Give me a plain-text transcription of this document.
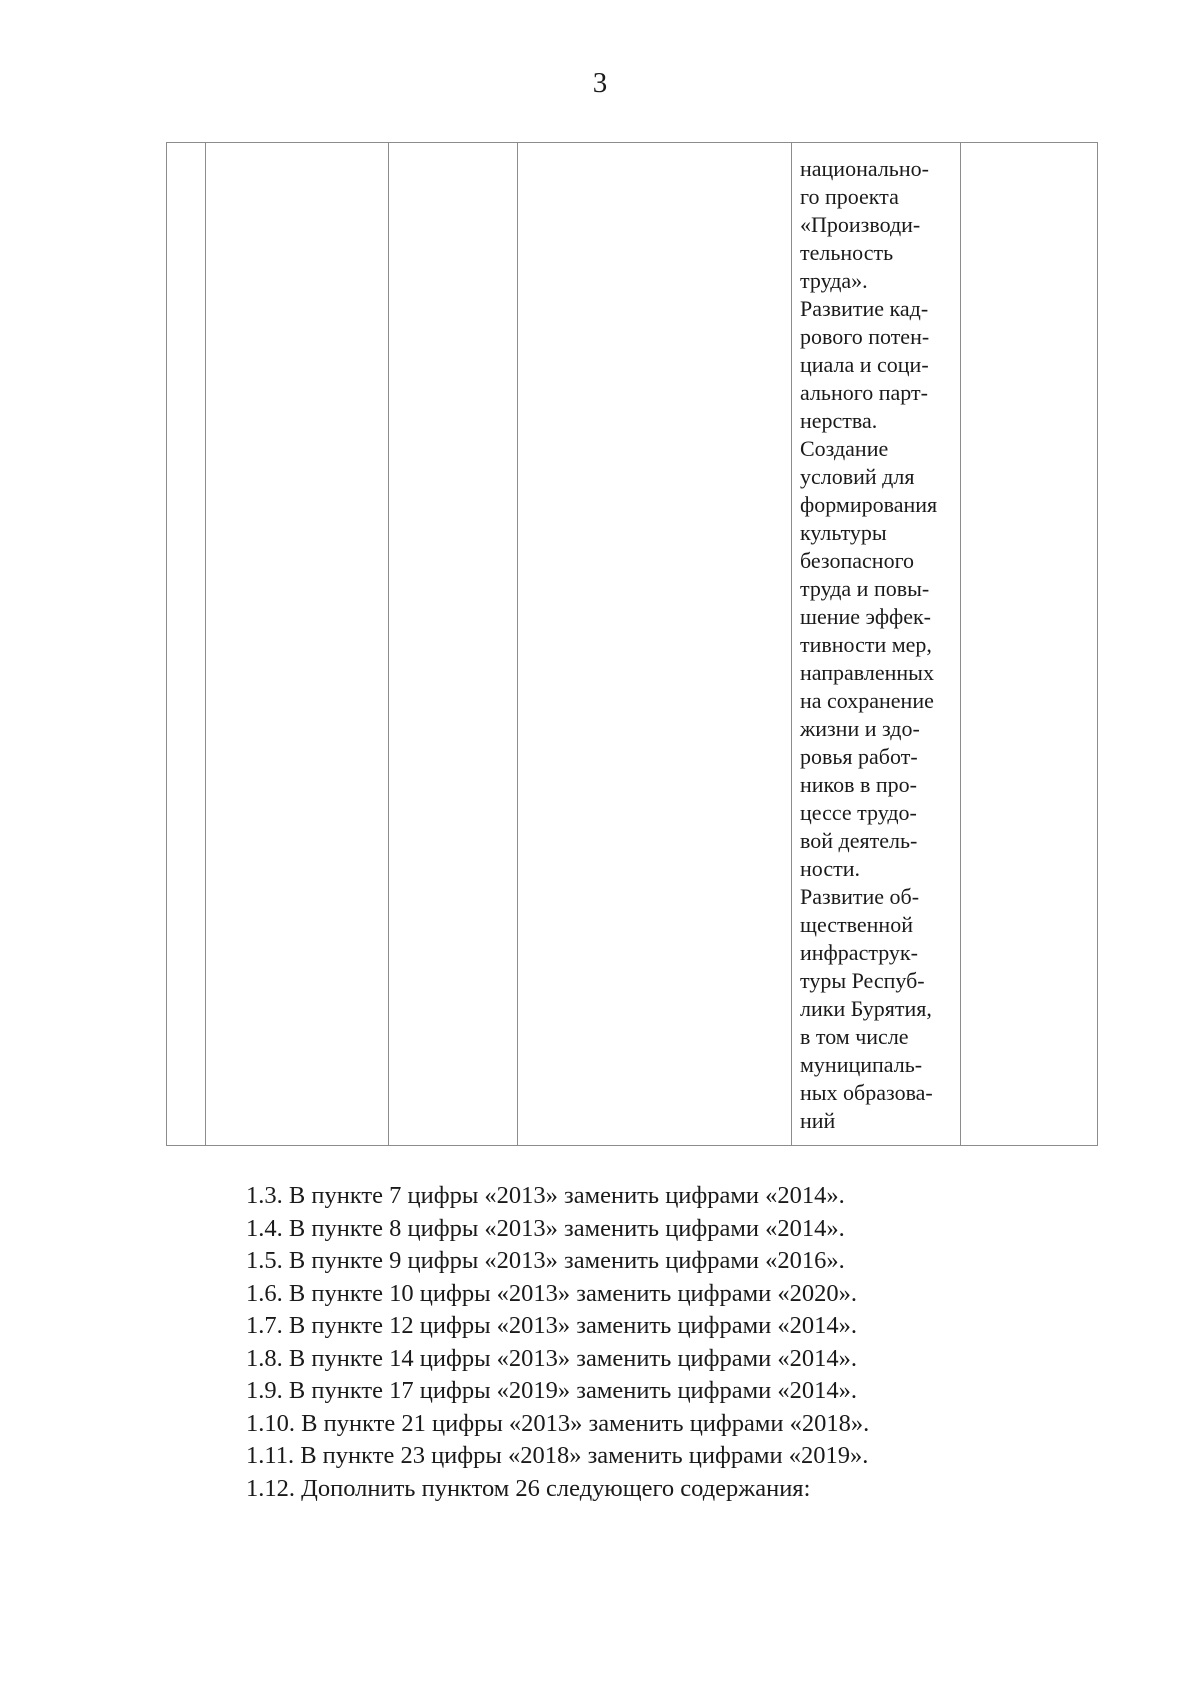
3

национально-
го проекта
«Производи-
тельность
труда».
Развитие кад-
рового потен-
циала и соци-
ального парт-
нерства.
Создание
условий для
формирования
культуры
безопасного
труда и повы-
шение эффек-
тивности мер,
направленных
на сохранение
жизни и здо-
ровья работ-
ников в про-
цессе трудо-
вой деятель-
ности.
Развитие об-
щественной
инфраструк-
туры Респуб-
лики Бурятия,
в том числе
муниципаль-
ных образова-
ний

1.3. В пункте 7 цифры «2013» заменить цифрами «2014».
1.4. В пункте 8 цифры «2013» заменить цифрами «2014».
1.5. В пункте 9 цифры «2013» заменить цифрами «2016».
1.6. В пункте 10 цифры «2013» заменить цифрами «2020».
1.7. В пункте 12 цифры «2013» заменить цифрами «2014».
1.8. В пункте 14 цифры «2013» заменить цифрами «2014».
1.9. В пункте 17 цифры «2019» заменить цифрами «2014».
1.10. В пункте 21 цифры «2013» заменить цифрами «2018».
1.11. В пункте 23 цифры «2018» заменить цифрами «2019».
1.12. Дополнить пунктом 26 следующего содержания:
